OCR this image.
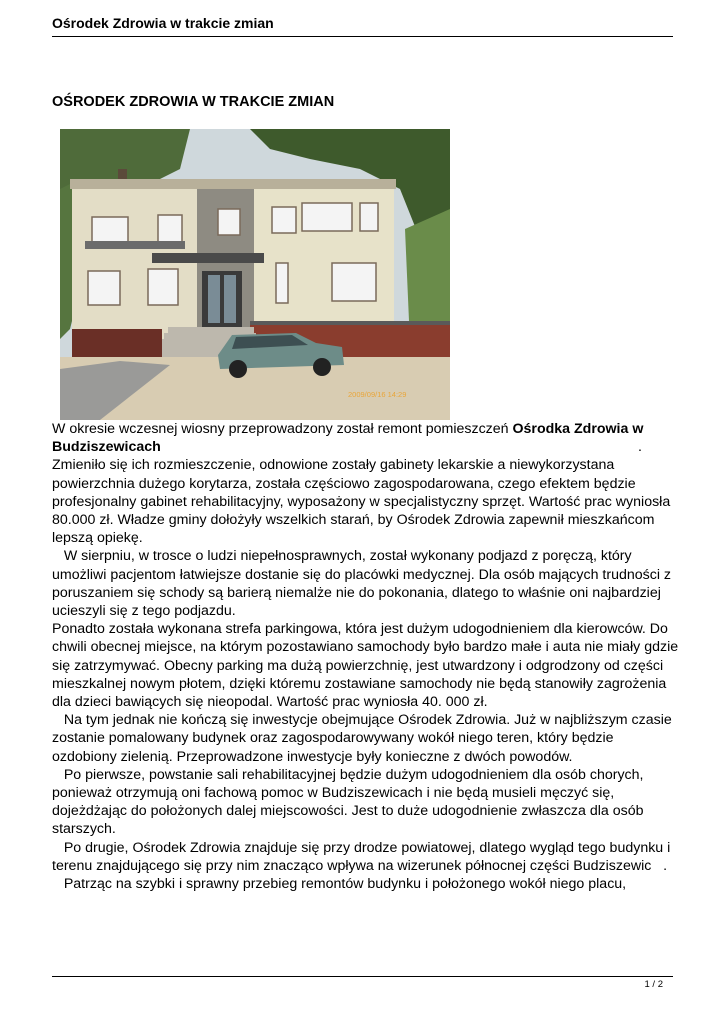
Ośrodek Zdrowia w trakcie zmian
OŚRODEK ZDROWIA W TRAKCIE ZMIAN
2009/09/16 14:29

W okresie wczesnej wiosny przeprowadzony został remont pomieszczeń Ośrodka Zdrowia w

Budziszewicach	.

Zmieniło się ich rozmieszczenie, odnowione zostały gabinety lekarskie a niewykorzystana powierzchnia dużego korytarza, została częściowo zagospodarowana, czego efektem będzie profesjonalny gabinet rehabilitacyjny, wyposażony w specjalistyczny sprzęt. Wartość prac wyniosła 80.000 zł. Władze gminy dołożyły wszelkich starań, by Ośrodek Zdrowia zapewnił mieszkańcom lepszą opiekę.

W sierpniu, w trosce o ludzi niepełnosprawnych, został wykonany podjazd z poręczą, który umożliwi pacjentom łatwiejsze dostanie się do placówki medycznej. Dla osób mających trudności z poruszaniem się schody są barierą niemalże nie do pokonania, dlatego to właśnie oni najbardziej ucieszyli się z tego podjazdu.

Ponadto została wykonana strefa parkingowa, która jest dużym udogodnieniem dla kierowców. Do chwili obecnej miejsce, na którym pozostawiano samochody było bardzo małe i auta nie miały gdzie się zatrzymywać. Obecny parking ma dużą powierzchnię, jest utwardzony i odgrodzony od części mieszkalnej nowym płotem, dzięki któremu zostawiane samochody nie będą stanowiły zagrożenia dla dzieci bawiących się nieopodal. Wartość prac wyniosła 40. 000 zł.

Na tym jednak nie kończą się inwestycje obejmujące Ośrodek Zdrowia. Już w najbliższym czasie zostanie pomalowany budynek oraz zagospodarowywany wokół niego teren, który będzie ozdobiony zielenią. Przeprowadzone inwestycje były konieczne z dwóch powodów.

Po pierwsze, powstanie sali rehabilitacyjnej będzie dużym udogodnieniem dla osób chorych, ponieważ otrzymują oni fachową pomoc w Budziszewicach i nie będą musieli męczyć się, dojeżdżając do położonych dalej miejscowości. Jest to duże udogodnienie zwłaszcza dla osób starszych.

Po drugie, Ośrodek Zdrowia znajduje się przy drodze powiatowej, dlatego wygląd tego budynku i terenu znajdującego się przy nim znacząco wpływa na wizerunek północnej części Budziszewic   .

Patrząc na szybki i sprawny przebieg remontów budynku i położonego wokół niego placu,

1 / 2
